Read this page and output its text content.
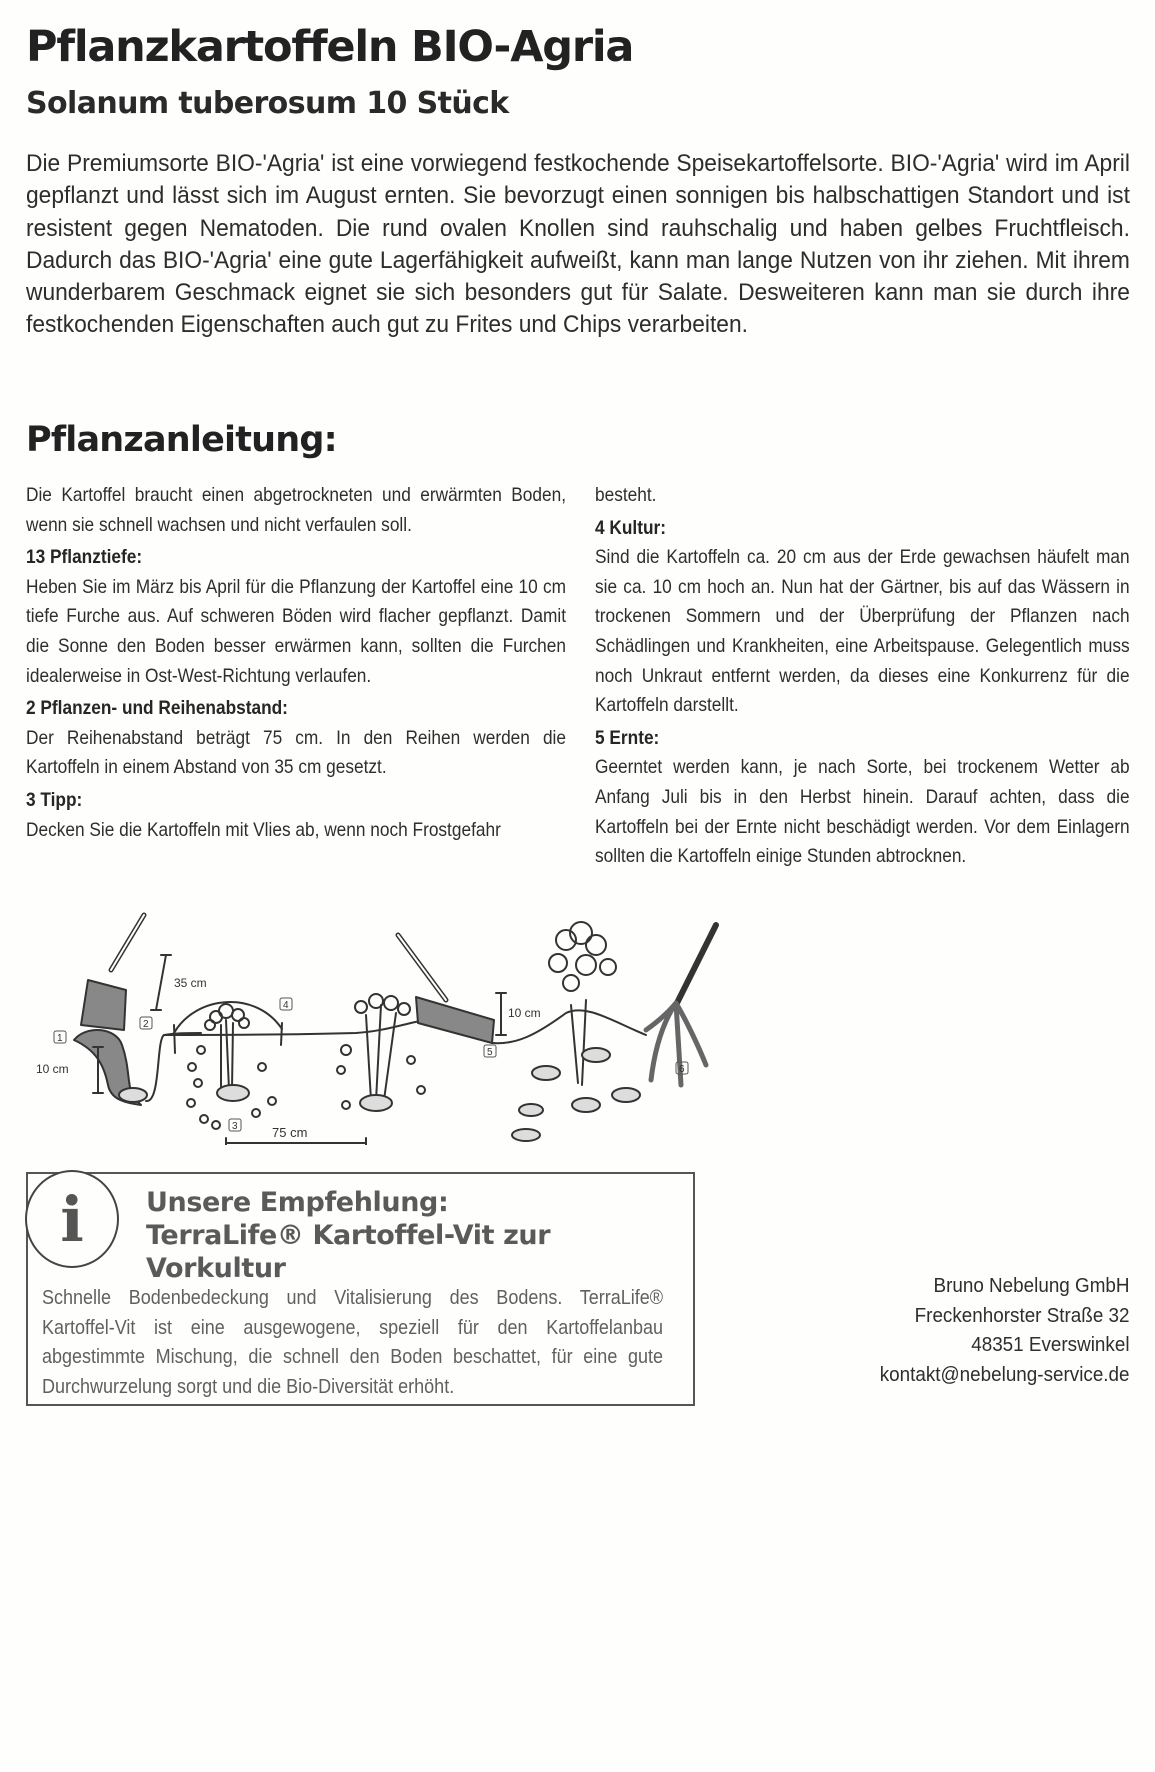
Pflanzkartoffeln BIO-Agria
Solanum tuberosum 10 Stück

Die Premiumsorte BIO-'Agria' ist eine vorwiegend festkochende Speisekartoffelsorte. BIO-'Agria' wird im April gepflanzt und lässt sich im August ernten. Sie bevorzugt einen sonnigen bis halbschattigen Standort und ist resistent gegen Nematoden. Die rund ovalen Knollen sind rauhschalig und haben gelbes Fruchtfleisch. Dadurch das BIO-'Agria' eine gute Lagerfähigkeit aufweißt, kann man lange Nutzen von ihr ziehen. Mit ihrem wunderbarem Geschmack eignet sie sich besonders gut für Salate. Desweiteren kann man sie durch ihre festkochenden Eigenschaften auch gut zu Frites und Chips verarbeiten.

Pflanzanleitung:

Die Kartoffel braucht einen abgetrockneten und erwärmten Boden, wenn sie schnell wachsen und nicht verfaulen soll.

13 Pflanztiefe:

Heben Sie im März bis April für die Pflanzung der Kartoffel eine 10 cm tiefe Furche aus. Auf schweren Böden wird flacher gepflanzt. Damit die Sonne den Boden besser erwärmen kann, sollten die Furchen idealerweise in Ost-West-Richtung verlaufen.

2 Pflanzen- und Reihenabstand:

Der Reihenabstand beträgt 75 cm. In den Reihen werden die Kartoffeln in einem Abstand von 35 cm gesetzt.

3 Tipp:

Decken Sie die Kartoffeln mit Vlies ab, wenn noch Frostgefahr

besteht.

4 Kultur:

Sind die Kartoffeln ca. 20 cm aus der Erde gewachsen häufelt man sie ca. 10 cm hoch an. Nun hat der Gärtner, bis auf das Wässern in trockenen Sommern und der Überprüfung der Pflanzen nach Schädlingen und Krankheiten, eine Arbeitspause. Gelegentlich muss noch Unkraut entfernt werden, da dieses eine Konkurrenz für die Kartoffeln darstellt.

5 Ernte:

Geerntet werden kann, je nach Sorte, bei trockenem Wetter ab Anfang Juli bis in den Herbst hinein. Darauf achten, dass die Kartoffeln bei der Ernte nicht beschädigt werden. Vor dem Einlagern sollten die Kartoffeln einige Stunden abtrocknen.

35 cm
10 cm
75 cm
10 cm
1
2
3
4
5
6
i	Unsere Empfehlung:
TerraLife® Kartoffel-Vit zur Vorkultur

Schnelle Bodenbedeckung und Vitalisierung des Bodens. TerraLife® Kartoffel-Vit ist eine ausgewogene, speziell für den Kartoffelanbau abgestimmte Mischung, die schnell den Boden beschattet, für eine gute Durchwurzelung sorgt und die Bio-Diversität erhöht.

Bruno Nebelung GmbH
Freckenhorster Straße 32
48351 Everswinkel
kontakt@nebelung-service.de
